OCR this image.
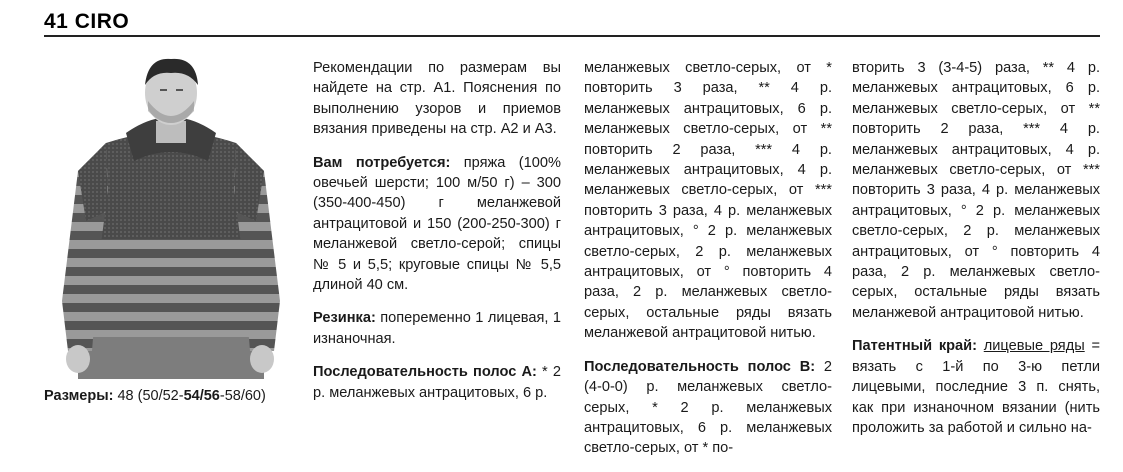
41 CIRO
Размеры: 48 (50/52-54/56-58/60)

Рекомендации по размерам вы найдете на стр. А1. Пояснения по выполнению узоров и приемов вязания приведены на стр. А2 и А3.

Вам потребуется: пряжа (100% овечьей шерсти; 100 м/50 г) – 300 (350-400-450) г меланжевой антрацитовой и 150 (200-250-300) г меланжевой светло-серой; спицы № 5 и 5,5; круговые спицы № 5,5 длиной 40 см.

Резинка: попеременно 1 лицевая, 1 изнаночная.

Последовательность полос А: * 2 р. меланжевых антрацитовых, 6 р.

меланжевых светло-серых, от * повторить 3 раза, ** 4 р. меланжевых антрацитовых, 6 р. меланжевых светло-серых, от ** повторить 2 раза, *** 4 р. меланжевых антрацитовых, 4 р. меланжевых светло-серых, от *** повторить 3 раза, 4 р. меланжевых антрацитовых, ° 2 р. меланжевых светло-серых, 2 р. меланжевых антрацитовых, от ° повторить 4 раза, 2 р. меланжевых светло-серых, остальные ряды вязать меланжевой антрацитовой нитью.

Последовательность полос В: 2 (4-0-0) р. меланжевых светло-серых, * 2 р. меланжевых антрацитовых, 6 р. меланжевых светло-серых, от * по-

вторить 3 (3-4-5) раза, ** 4 р. меланжевых антрацитовых, 6 р. меланжевых светло-серых, от ** повторить 2 раза, *** 4 р. меланжевых антрацитовых, 4 р. меланжевых светло-серых, от *** повторить 3 раза, 4 р. меланжевых антрацитовых, ° 2 р. меланжевых светло-серых, 2 р. меланжевых антрацитовых, от ° повторить 4 раза, 2 р. меланжевых светло-серых, остальные ряды вязать меланжевой антрацитовой нитью.

Патентный край: лицевые ряды = вязать с 1-й по 3-ю петли лицевыми, последние 3 п. снять, как при изнаночном вязании (нить проложить за работой и сильно на-
